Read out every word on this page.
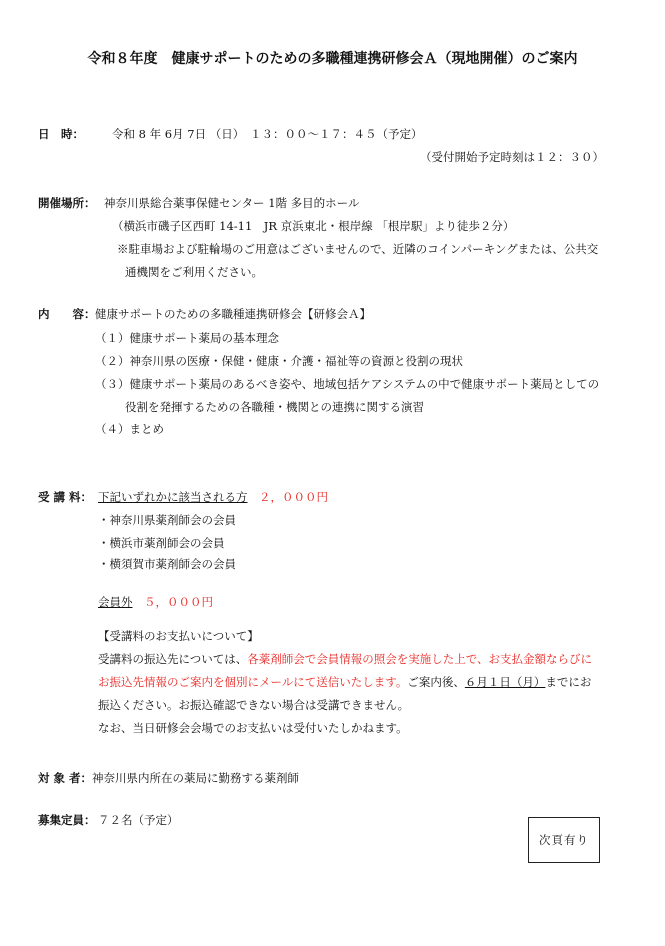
令和８年度　健康サポートのための多職種連携研修会Ａ（現地開催）のご案内
日　時： 令和 8 年 6月 7日 （日）　１３：００～１７：４５（予定）
（受付開始予定時刻は１２：３０）
開催場所： 神奈川県総合薬事保健センター 1階 多目的ホール
（横浜市磯子区西町 14-11　JR 京浜東北・根岸線 「根岸駅」より徒歩２分）
※駐車場および駐輪場のご用意はございませんので、近隣のコインパーキングまたは、公共交
通機関をご利用ください。
内　　容： 健康サポートのための多職種連携研修会【研修会Ａ】
（１）健康サポート薬局の基本理念
（２）神奈川県の医療・保健・健康・介護・福祉等の資源と役割の現状
（３）健康サポート薬局のあるべき姿や、地域包括ケアシステムの中で健康サポート薬局としての
役割を発揮するための各職種・機関との連携に関する演習
（４）まとめ
受 講 料： 下記いずれかに該当される方　 ２，０００円
・神奈川県薬剤師会の会員
・横浜市薬剤師会の会員
・横須賀市薬剤師会の会員
会員外　 ５，０００円
【受講料のお支払いについて】
受講料の振込先については、各薬剤師会で会員情報の照会を実施した上で、お支払金額ならびに
お振込先情報のご案内を個別にメールにて送信いたします。ご案内後、６月１日（月）までにお
振込ください。お振込確認できない場合は受講できません。
なお、当日研修会会場でのお支払いは受付いたしかねます。
対 象 者： 神奈川県内所在の薬局に勤務する薬剤師
募集定員： ７２名（予定）
次頁有り
